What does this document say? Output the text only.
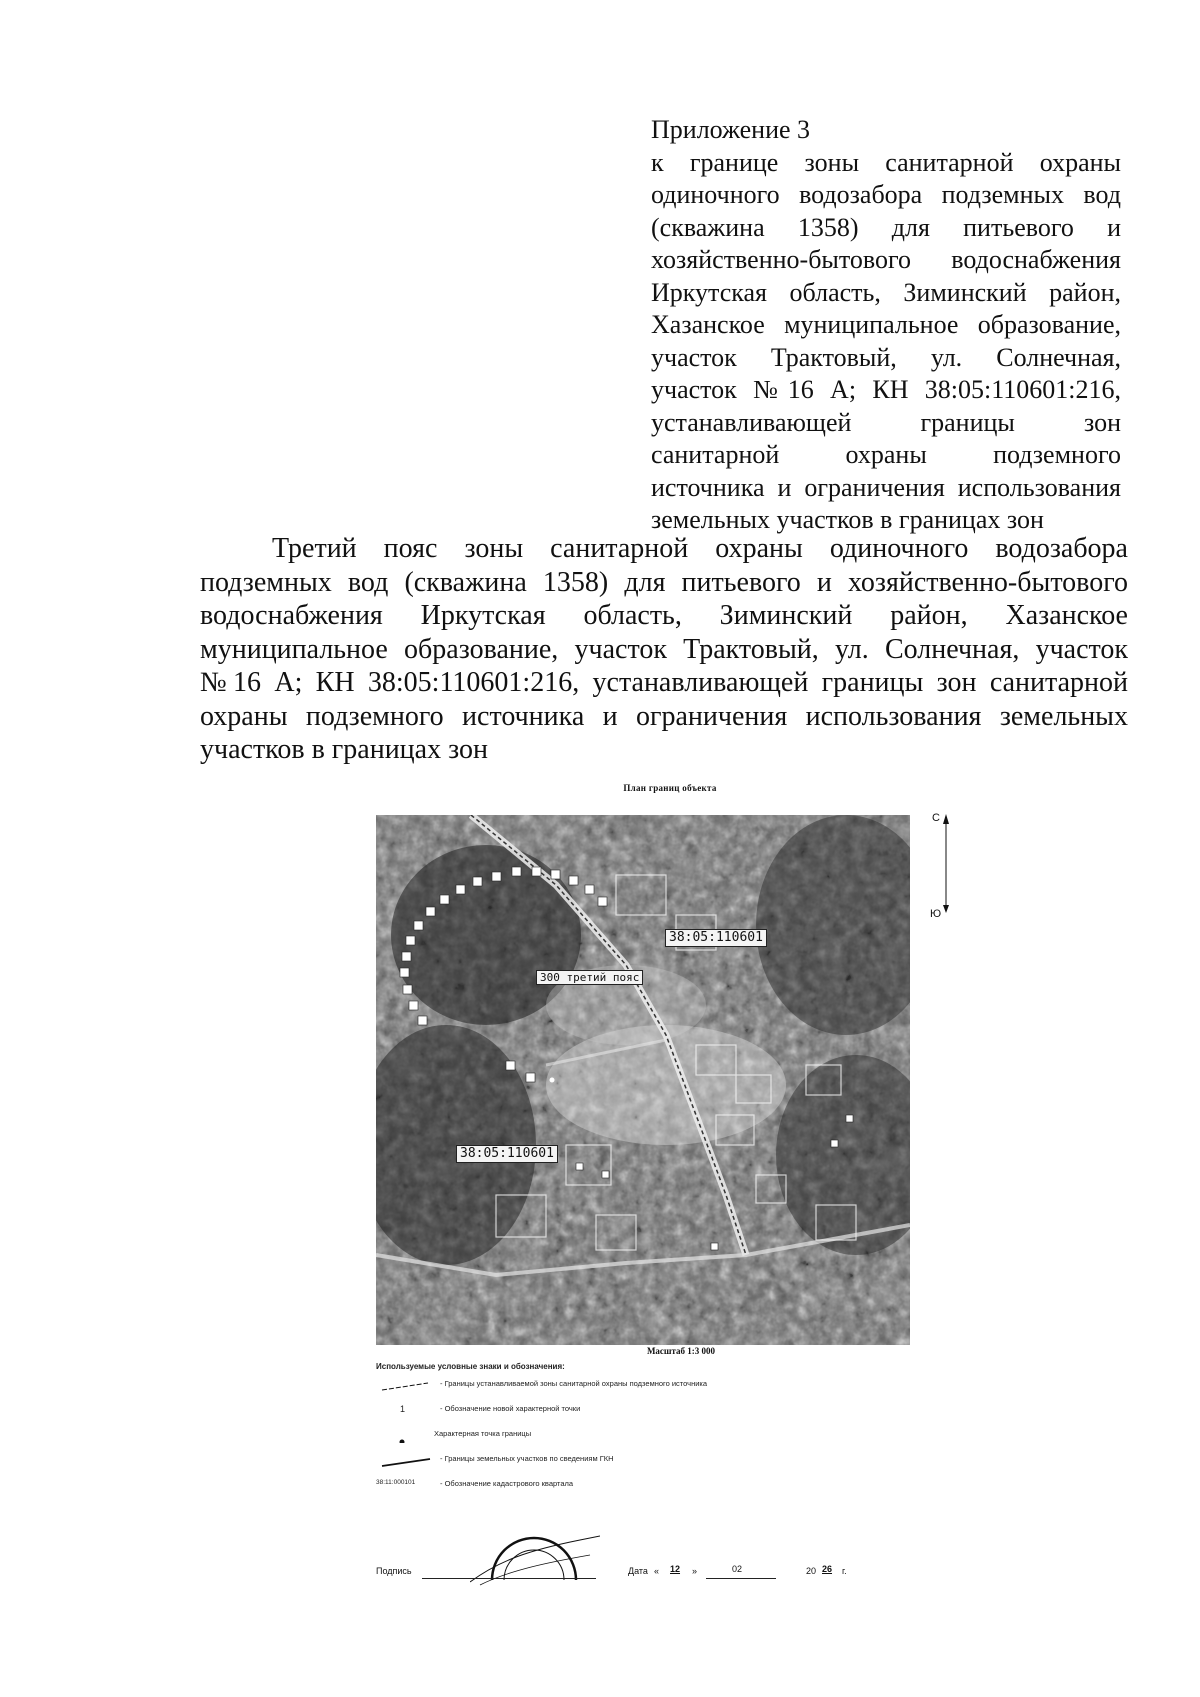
Приложение 3
к границе зоны санитарной охраны одиночного водозабора подземных вод (скважина 1358) для питьевого и хозяйственно-бытового водоснабжения Иркутская область, Зиминский район, Хазанское муниципальное образование, участок Трактовый, ул. Солнечная, участок №16 А; КН 38:05:110601:216, устанавливающей границы зон санитарной охраны подземного источника и ограничения использования земельных участков в границах зон
Третий пояс зоны санитарной охраны одиночного водозабора подземных вод (скважина 1358) для питьевого и хозяйственно-бытового водоснабжения Иркутская область, Зиминский район, Хазанское муниципальное образование, участок Трактовый, ул. Солнечная, участок №16 А; КН 38:05:110601:216, устанавливающей границы зон санитарной охраны подземного источника и ограничения использования земельных участков в границах зон
План границ объекта
38:05:110601
38:05:110601
300 третий пояс
С
Ю
Масштаб 1:3 000
Используемые условные знаки и обозначения:
- Границы устанавливаемой зоны санитарной охраны подземного источника
1	- Обозначение новой характерной точки
Характерная точка границы
- Границы земельных участков по сведениям ГКН
38:11:000101	- Обозначение кадастрового квартала
Подпись	Дата « 12 »	02	20 26 г.
